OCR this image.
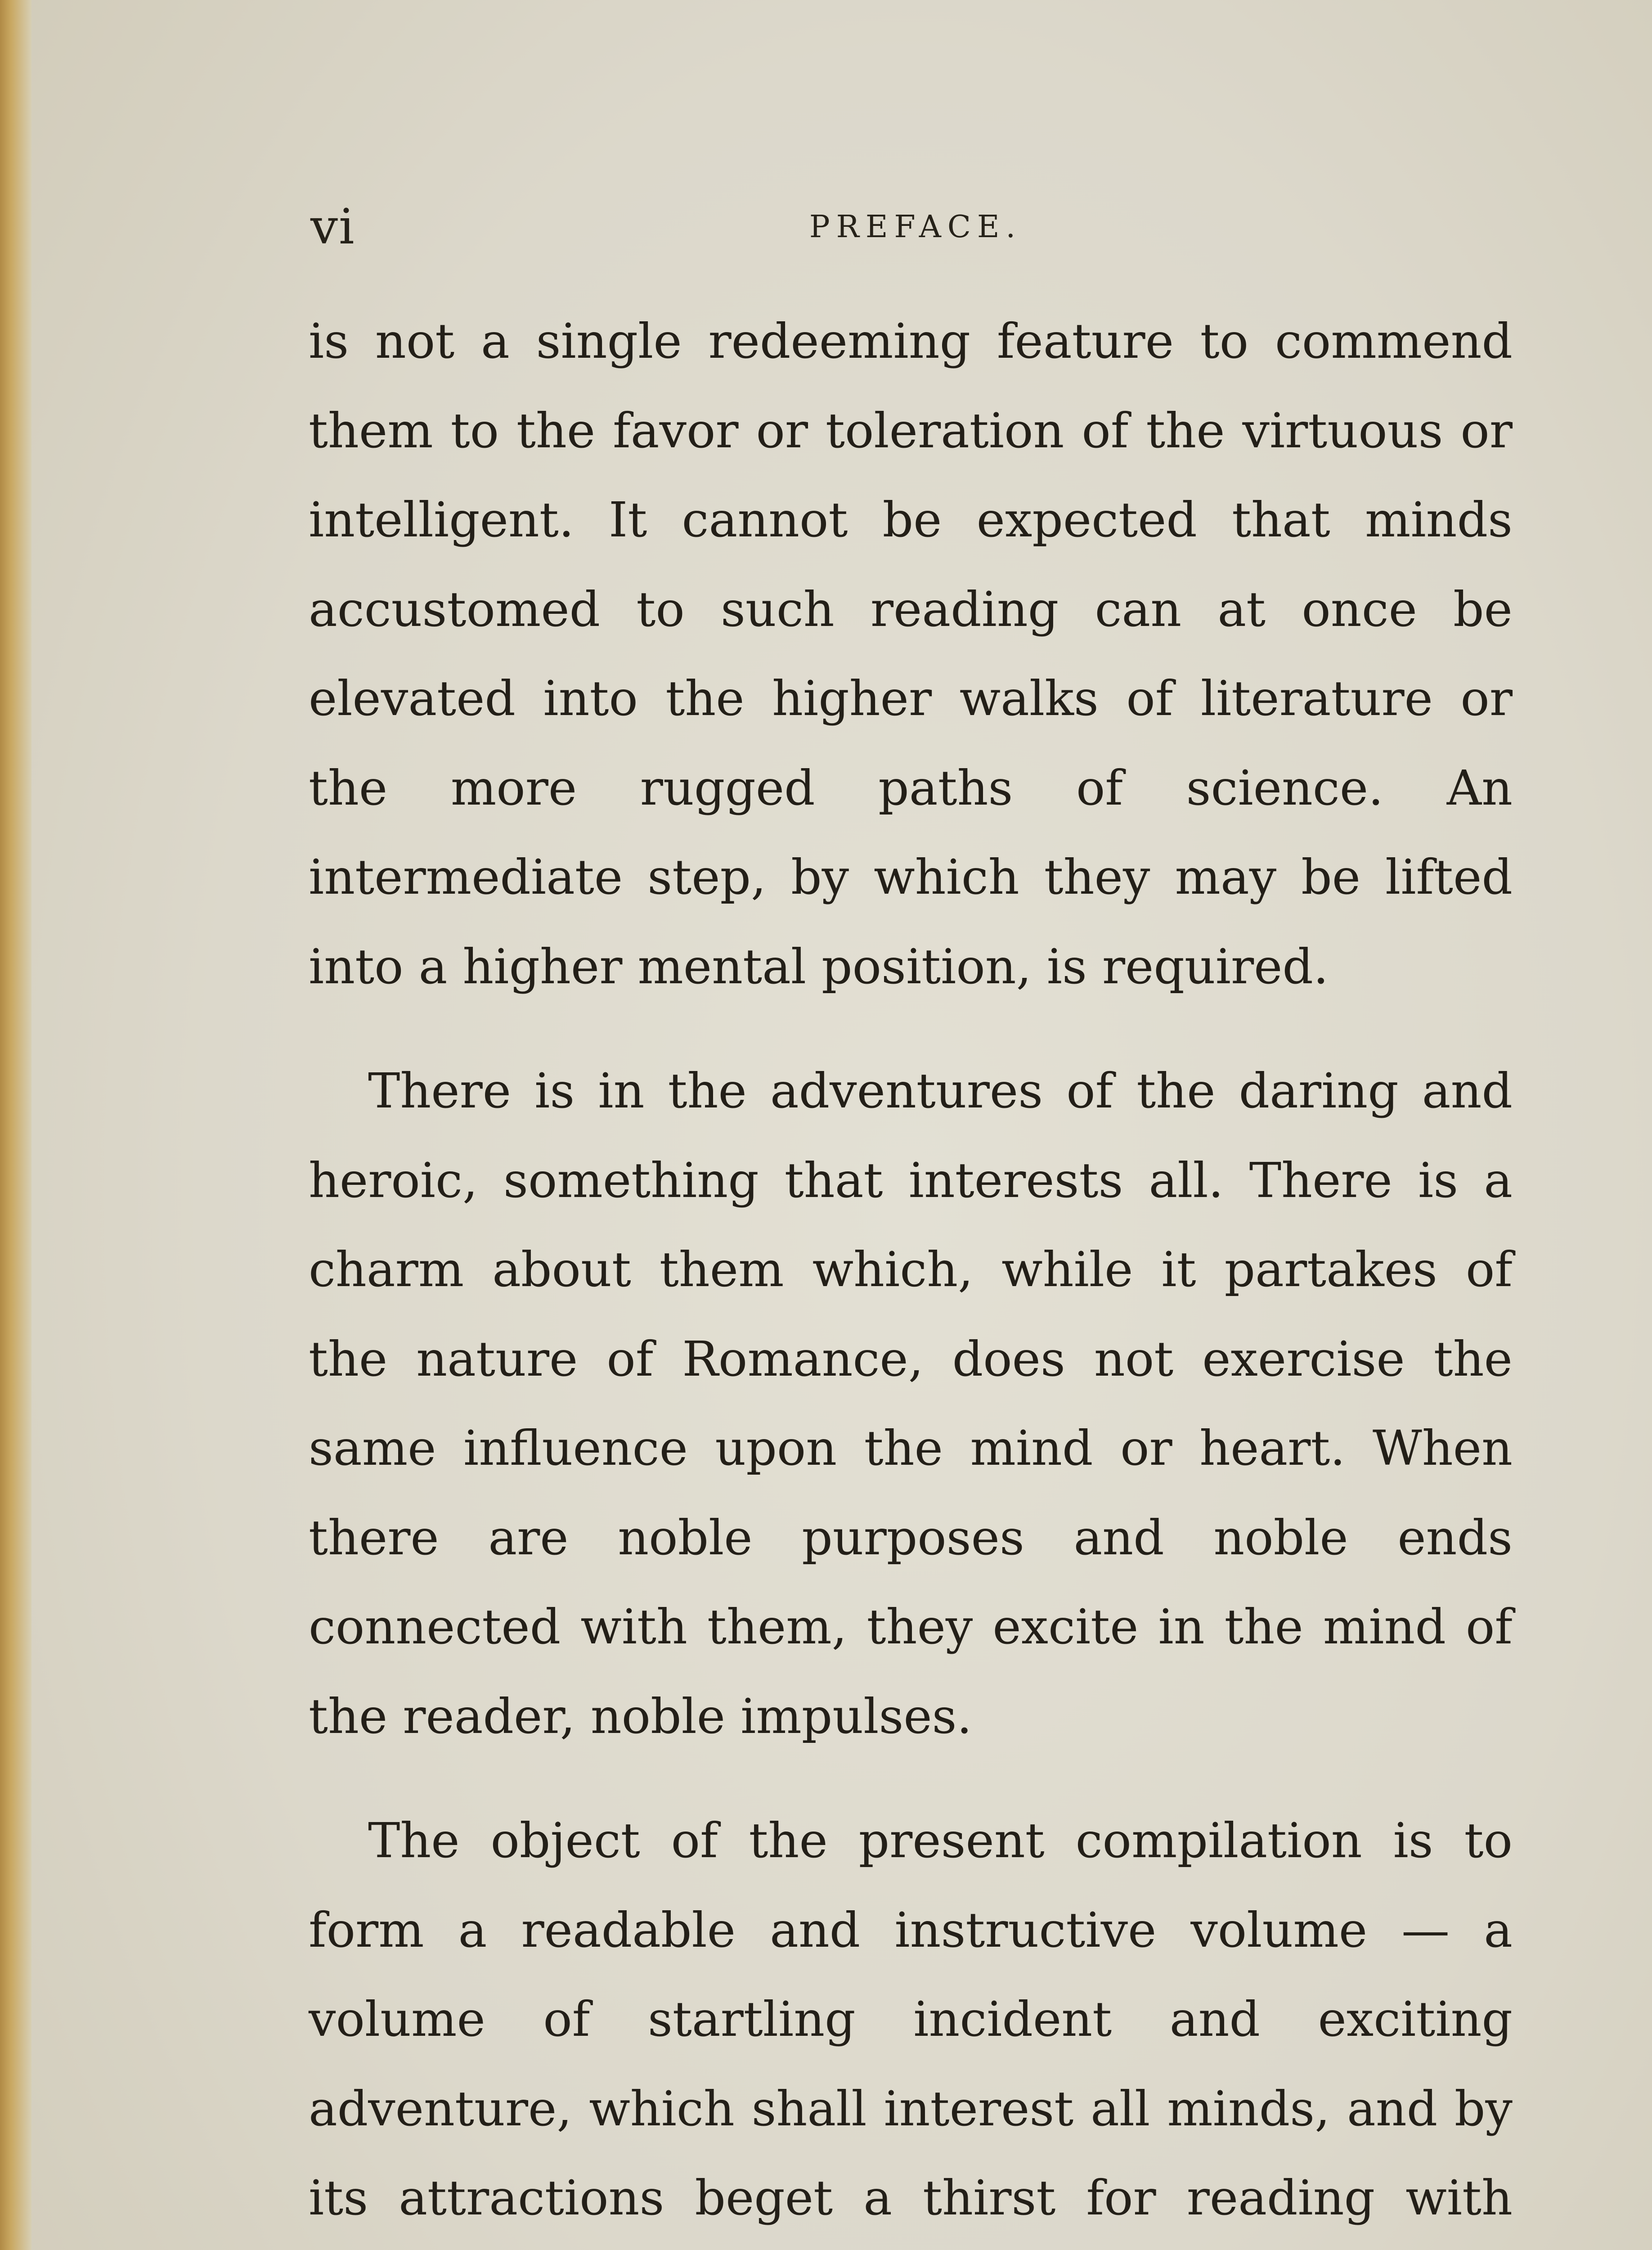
vi	PREFACE.

is not a single redeeming feature to commend them to the favor or toleration of the virtuous or intelligent. It cannot be expected that minds accustomed to such reading can at once be elevated into the higher walks of literature or the more rugged paths of science. An intermediate step, by which they may be lifted into a higher mental position, is required.

There is in the adventures of the daring and heroic, something that interests all. There is a charm about them which, while it partakes of the nature of Romance, does not exercise the same influence upon the mind or heart. When there are noble purposes and noble ends connected with them, they excite in the mind of the reader, noble impulses.

The object of the present compilation is to form a readable and instructive volume — a volume of startling incident and exciting adventure, which shall interest all minds, and by its attractions beget a thirst for reading with
